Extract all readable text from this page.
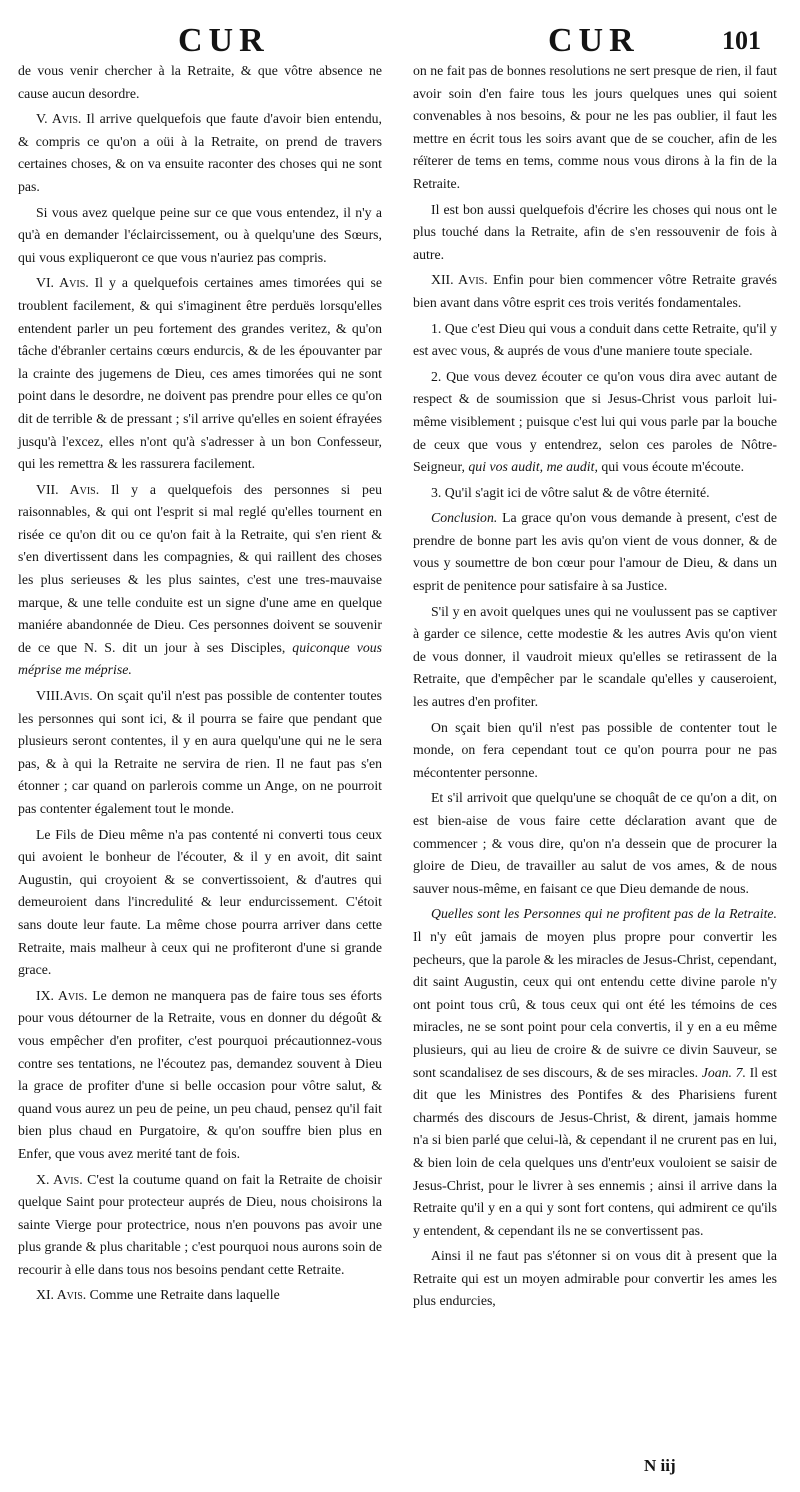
CUR	CUR	101

de vous venir chercher à la Retraite, & que vôtre absence ne cause aucun desordre.

V. Avis. Il arrive quelquefois que faute d'avoir bien entendu, & compris ce qu'on a oüi à la Retraite, on prend de travers certaines choses, & on va ensuite raconter des choses qui ne sont pas.

Si vous avez quelque peine sur ce que vous entendez, il n'y a qu'à en demander l'éclaircissement, ou à quelqu'une des Sœurs, qui vous expliqueront ce que vous n'auriez pas compris.

VI. Avis. Il y a quelquefois certaines ames timorées qui se troublent facilement, & qui s'imaginent être perduës lorsqu'elles entendent parler un peu fortement des grandes veritez, & qu'on tâche d'ébranler certains cœurs endurcis, & de les épouvanter par la crainte des jugemens de Dieu, ces ames timorées qui ne sont point dans le desordre, ne doivent pas prendre pour elles ce qu'on dit de terrible & de pressant ; s'il arrive qu'elles en soient éfrayées jusqu'à l'excez, elles n'ont qu'à s'adresser à un bon Confesseur, qui les remettra & les rassurera facilement.

VII. Avis. Il y a quelquefois des personnes si peu raisonnables, & qui ont l'esprit si mal reglé qu'elles tournent en risée ce qu'on dit ou ce qu'on fait à la Retraite, qui s'en rient & s'en divertissent dans les compagnies, & qui raillent des choses les plus serieuses & les plus saintes, c'est une tres-mauvaise marque, & une telle conduite est un signe d'une ame en quelque maniére abandonnée de Dieu. Ces personnes doivent se souvenir de ce que N. S. dit un jour à ses Disciples, quiconque vous méprise me méprise.

VIII.Avis. On sçait qu'il n'est pas possible de contenter toutes les personnes qui sont ici, & il pourra se faire que pendant que plusieurs seront contentes, il y en aura quelqu'une qui ne le sera pas, & à qui la Retraite ne servira de rien. Il ne faut pas s'en étonner ; car quand on parlerois comme un Ange, on ne pourroit pas contenter également tout le monde.

Le Fils de Dieu même n'a pas contenté ni converti tous ceux qui avoient le bonheur de l'écouter, & il y en avoit, dit saint Augustin, qui croyoient & se convertissoient, & d'autres qui demeuroient dans l'incredulité & leur endurcissement. C'étoit sans doute leur faute. La même chose pourra arriver dans cette Retraite, mais malheur à ceux qui ne profiteront d'une si grande grace.

IX. Avis. Le demon ne manquera pas de faire tous ses éforts pour vous détourner de la Retraite, vous en donner du dégoût & vous empêcher d'en profiter, c'est pourquoi précautionnez-vous contre ses tentations, ne l'écoutez pas, demandez souvent à Dieu la grace de profiter d'une si belle occasion pour vôtre salut, & quand vous aurez un peu de peine, un peu chaud, pensez qu'il fait bien plus chaud en Purgatoire, & qu'on souffre bien plus en Enfer, que vous avez merité tant de fois.

X. Avis. C'est la coutume quand on fait la Retraite de choisir quelque Saint pour protecteur auprés de Dieu, nous choisirons la sainte Vierge pour protectrice, nous n'en pouvons pas avoir une plus grande & plus charitable ; c'est pourquoi nous aurons soin de recourir à elle dans tous nos besoins pendant cette Retraite.

XI. Avis. Comme une Retraite dans laquelle

on ne fait pas de bonnes resolutions ne sert presque de rien, il faut avoir soin d'en faire tous les jours quelques unes qui soient convenables à nos besoins, & pour ne les pas oublier, il faut les mettre en écrit tous les soirs avant que de se coucher, afin de les réïterer de tems en tems, comme nous vous dirons à la fin de la Retraite.

Il est bon aussi quelquefois d'écrire les choses qui nous ont le plus touché dans la Retraite, afin de s'en ressouvenir de fois à autre.

XII. Avis. Enfin pour bien commencer vôtre Retraite gravés bien avant dans vôtre esprit ces trois verités fondamentales.

1. Que c'est Dieu qui vous a conduit dans cette Retraite, qu'il y est avec vous, & auprés de vous d'une maniere toute speciale.

2. Que vous devez écouter ce qu'on vous dira avec autant de respect & de soumission que si Jesus-Christ vous parloit lui-même visiblement ; puisque c'est lui qui vous parle par la bouche de ceux que vous y entendrez, selon ces paroles de Nôtre-Seigneur, qui vos audit, me audit, qui vous écoute m'écoute.

3. Qu'il s'agit ici de vôtre salut & de vôtre éternité.

Conclusion. La grace qu'on vous demande à present, c'est de prendre de bonne part les avis qu'on vient de vous donner, & de vous y soumettre de bon cœur pour l'amour de Dieu, & dans un esprit de penitence pour satisfaire à sa Justice.

S'il y en avoit quelques unes qui ne voulussent pas se captiver à garder ce silence, cette modestie & les autres Avis qu'on vient de vous donner, il vaudroit mieux qu'elles se retirassent de la Retraite, que d'empêcher par le scandale qu'elles y causeroient, les autres d'en profiter.

On sçait bien qu'il n'est pas possible de contenter tout le monde, on fera cependant tout ce qu'on pourra pour ne pas mécontenter personne.

Et s'il arrivoit que quelqu'une se choquât de ce qu'on a dit, on est bien-aise de vous faire cette déclaration avant que de commencer ; & vous dire, qu'on n'a dessein que de procurer la gloire de Dieu, de travailler au salut de vos ames, & de nous sauver nous-même, en faisant ce que Dieu demande de nous.

Quelles sont les Personnes qui ne profitent pas de la Retraite. Il n'y eût jamais de moyen plus propre pour convertir les pecheurs, que la parole & les miracles de Jesus-Christ, cependant, dit saint Augustin, ceux qui ont entendu cette divine parole n'y ont point tous crû, & tous ceux qui ont été les témoins de ces miracles, ne se sont point pour cela convertis, il y en a eu même plusieurs, qui au lieu de croire & de suivre ce divin Sauveur, se sont scandalisez de ses discours, & de ses miracles. Joan. 7. Il est dit que les Ministres des Pontifes & des Pharisiens furent charmés des discours de Jesus-Christ, & dirent, jamais homme n'a si bien parlé que celui-là, & cependant il ne crurent pas en lui, & bien loin de cela quelques uns d'entr'eux vouloient se saisir de Jesus-Christ, pour le livrer à ses ennemis ; ainsi il arrive dans la Retraite qu'il y en a qui y sont fort contens, qui admirent ce qu'ils y entendent, & cependant ils ne se convertissent pas.

Ainsi il ne faut pas s'étonner si on vous dit à present que la Retraite qui est un moyen admirable pour convertir les ames les plus endurcies,

N iij
